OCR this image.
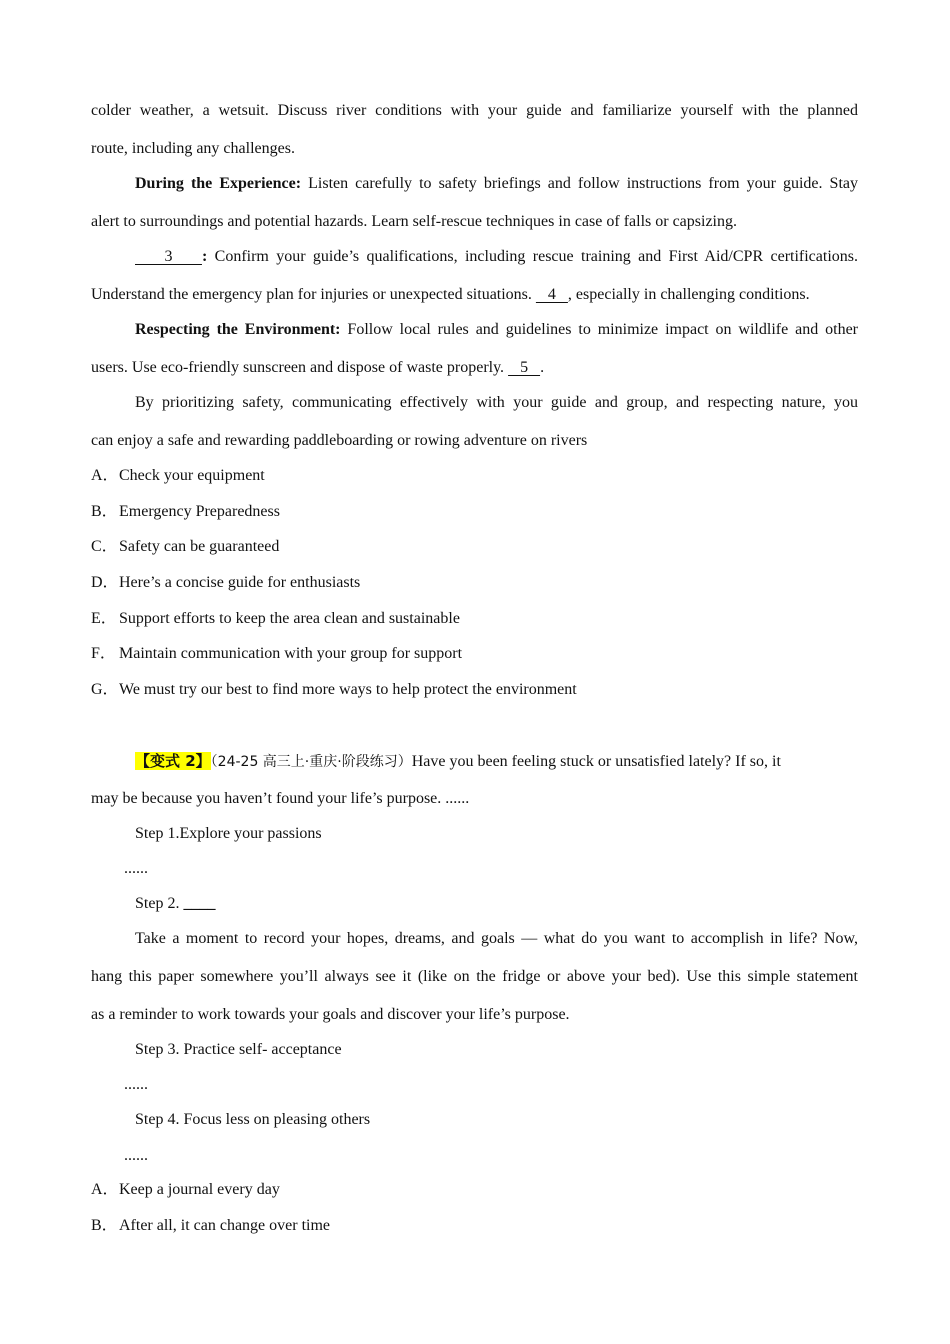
colder weather, a wetsuit. Discuss river conditions with your guide and familiarize yourself with the planned
route, including any challenges.
During the Experience: Listen carefully to safety briefings and follow instructions from your guide. Stay
alert to surroundings and potential hazards. Learn self-rescue techniques in case of falls or capsizing.
3    : Confirm your guide’s qualifications, including rescue training and First Aid/CPR certifications.
Understand the emergency plan for injuries or unexpected situations.    4   , especially in challenging conditions.
Respecting the Environment: Follow local rules and guidelines to minimize impact on wildlife and other
users. Use eco-friendly sunscreen and dispose of waste properly.    5   .
By prioritizing safety, communicating effectively with your guide and group, and respecting nature, you
can enjoy a safe and rewarding paddleboarding or rowing adventure on rivers
A．Check your equipment
B．Emergency Preparedness
C．Safety can be guaranteed
D．Here’s a concise guide for enthusiasts
E． Support efforts to keep the area clean and sustainable
F． Maintain communication with your group for support
G．We must try our best to find more ways to help protect the environment
【变式 2】（24-25 高三上·重庆·阶段练习）Have you been feeling stuck or unsatisfied lately? If so, it
may be because you haven’t found your life’s purpose. ......
Step 1.Explore your passions
......
Step 2. ____
Take a moment to record your hopes, dreams, and goals — what do you want to accomplish in life? Now,
hang this paper somewhere you’ll always see it (like on the fridge or above your bed). Use this simple statement
as a reminder to work towards your goals and discover your life’s purpose.
Step 3. Practice self- acceptance
......
Step 4. Focus less on pleasing others
......
A．Keep a journal every day
B．After all, it can change over time
